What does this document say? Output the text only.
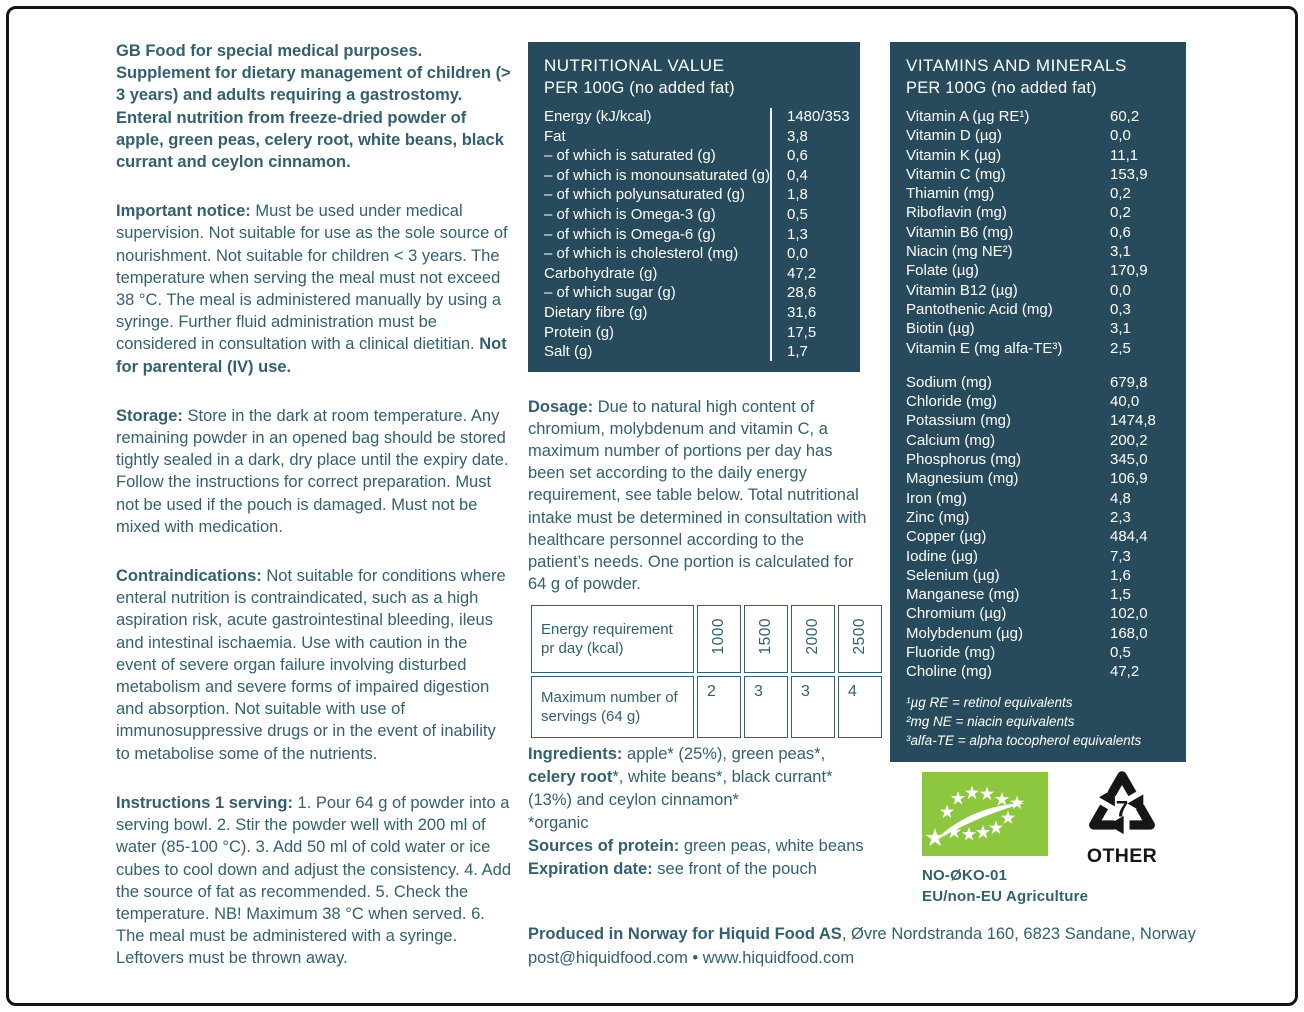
GB Food for special medical purposes. Supplement for dietary management of children (> 3 years) and adults requiring a gastrostomy. Enteral nutrition from freeze-dried powder of apple, green peas, celery root, white beans, black currant and ceylon cinnamon.

Important notice: Must be used under medical supervision. Not suitable for use as the sole source of nourishment. Not suitable for children < 3 years. The temperature when serving the meal must not exceed 38 °C. The meal is administered manually by using a syringe. Further fluid administration must be considered in consultation with a clinical dietitian. Not for parenteral (IV) use.

Storage: Store in the dark at room temperature. Any remaining powder in an opened bag should be stored tightly sealed in a dark, dry place until the expiry date. Follow the instructions for correct preparation. Must not be used if the pouch is damaged. Must not be mixed with medication.

Contraindications: Not suitable for conditions where enteral nutrition is contraindicated, such as a high aspiration risk, acute gastrointestinal bleeding, ileus and intestinal ischaemia. Use with caution in the event of severe organ failure involving disturbed metabolism and severe forms of impaired digestion and absorption. Not suitable with use of immunosuppressive drugs or in the event of inability to metabolise some of the nutrients.

Instructions 1 serving: 1. Pour 64 g of powder into a serving bowl. 2. Stir the powder well with 200 ml of water (85-100 °C). 3. Add 50 ml of cold water or ice cubes to cool down and adjust the consistency. 4. Add the source of fat as recommended. 5. Check the temperature. NB! Maximum 38 °C when served. 6. The meal must be administered with a syringe. Leftovers must be thrown away.

NUTRITIONAL VALUE
PER 100G (no added fat)
Energy (kJ/kcal)	1480/353
Fat	3,8
– of which is saturated (g)	0,6
– of which is monounsaturated (g)	0,4
– of which polyunsaturated (g)	1,8
– of which is Omega-3 (g)	0,5
– of which is Omega-6 (g)	1,3
– of which is cholesterol (mg)	0,0
Carbohydrate (g)	47,2
– of which sugar (g)	28,6
Dietary fibre (g)	31,6
Protein (g)	17,5
Salt (g)	1,7

Dosage: Due to natural high content of chromium, molybdenum and vitamin C, a maximum number of portions per day has been set according to the daily energy requirement, see table below. Total nutritional intake must be determined in consultation with healthcare personnel according to the patient’s needs. One portion is calculated for 64 g of powder.

Energy requirement pr day (kcal)	1000	1500	2000	2500
Maximum number of servings (64 g)	2	3	3	4

Ingredients: apple* (25%), green peas*, celery root*, white beans*, black currant* (13%) and ceylon cinnamon*

*organic

Sources of protein: green peas, white beans

Expiration date: see front of the pouch

VITAMINS AND MINERALS
PER 100G (no added fat)
Vitamin A (µg RE¹)	60,2
Vitamin D (µg)	0,0
Vitamin K (µg)	11,1
Vitamin C (mg)	153,9
Thiamin (mg)	0,2
Riboflavin (mg)	0,2
Vitamin B6 (mg)	0,6
Niacin (mg NE²)	3,1
Folate (µg)	170,9
Vitamin B12 (µg)	0,0
Pantothenic Acid (mg)	0,3
Biotin (µg)	3,1
Vitamin E (mg alfa-TE³)	2,5
Sodium (mg)	679,8
Chloride (mg)	40,0
Potassium (mg)	1474,8
Calcium (mg)	200,2
Phosphorus (mg)	345,0
Magnesium (mg)	106,9
Iron (mg)	4,8
Zinc (mg)	2,3
Copper (µg)	484,4
Iodine (µg)	7,3
Selenium (µg)	1,6
Manganese (mg)	1,5
Chromium (µg)	102,0
Molybdenum (µg)	168,0
Fluoride (mg)	0,5
Choline (mg)	47,2
¹µg RE = retinol equivalents
²mg NE = niacin equivalents
³alfa-TE = alpha tocopherol equivalents
NO-ØKO-01
EU/non-EU Agriculture
7
OTHER
Produced in Norway for Hiquid Food AS, Øvre Nordstranda 160, 6823 Sandane, Norway
post@hiquidfood.com • www.hiquidfood.com
